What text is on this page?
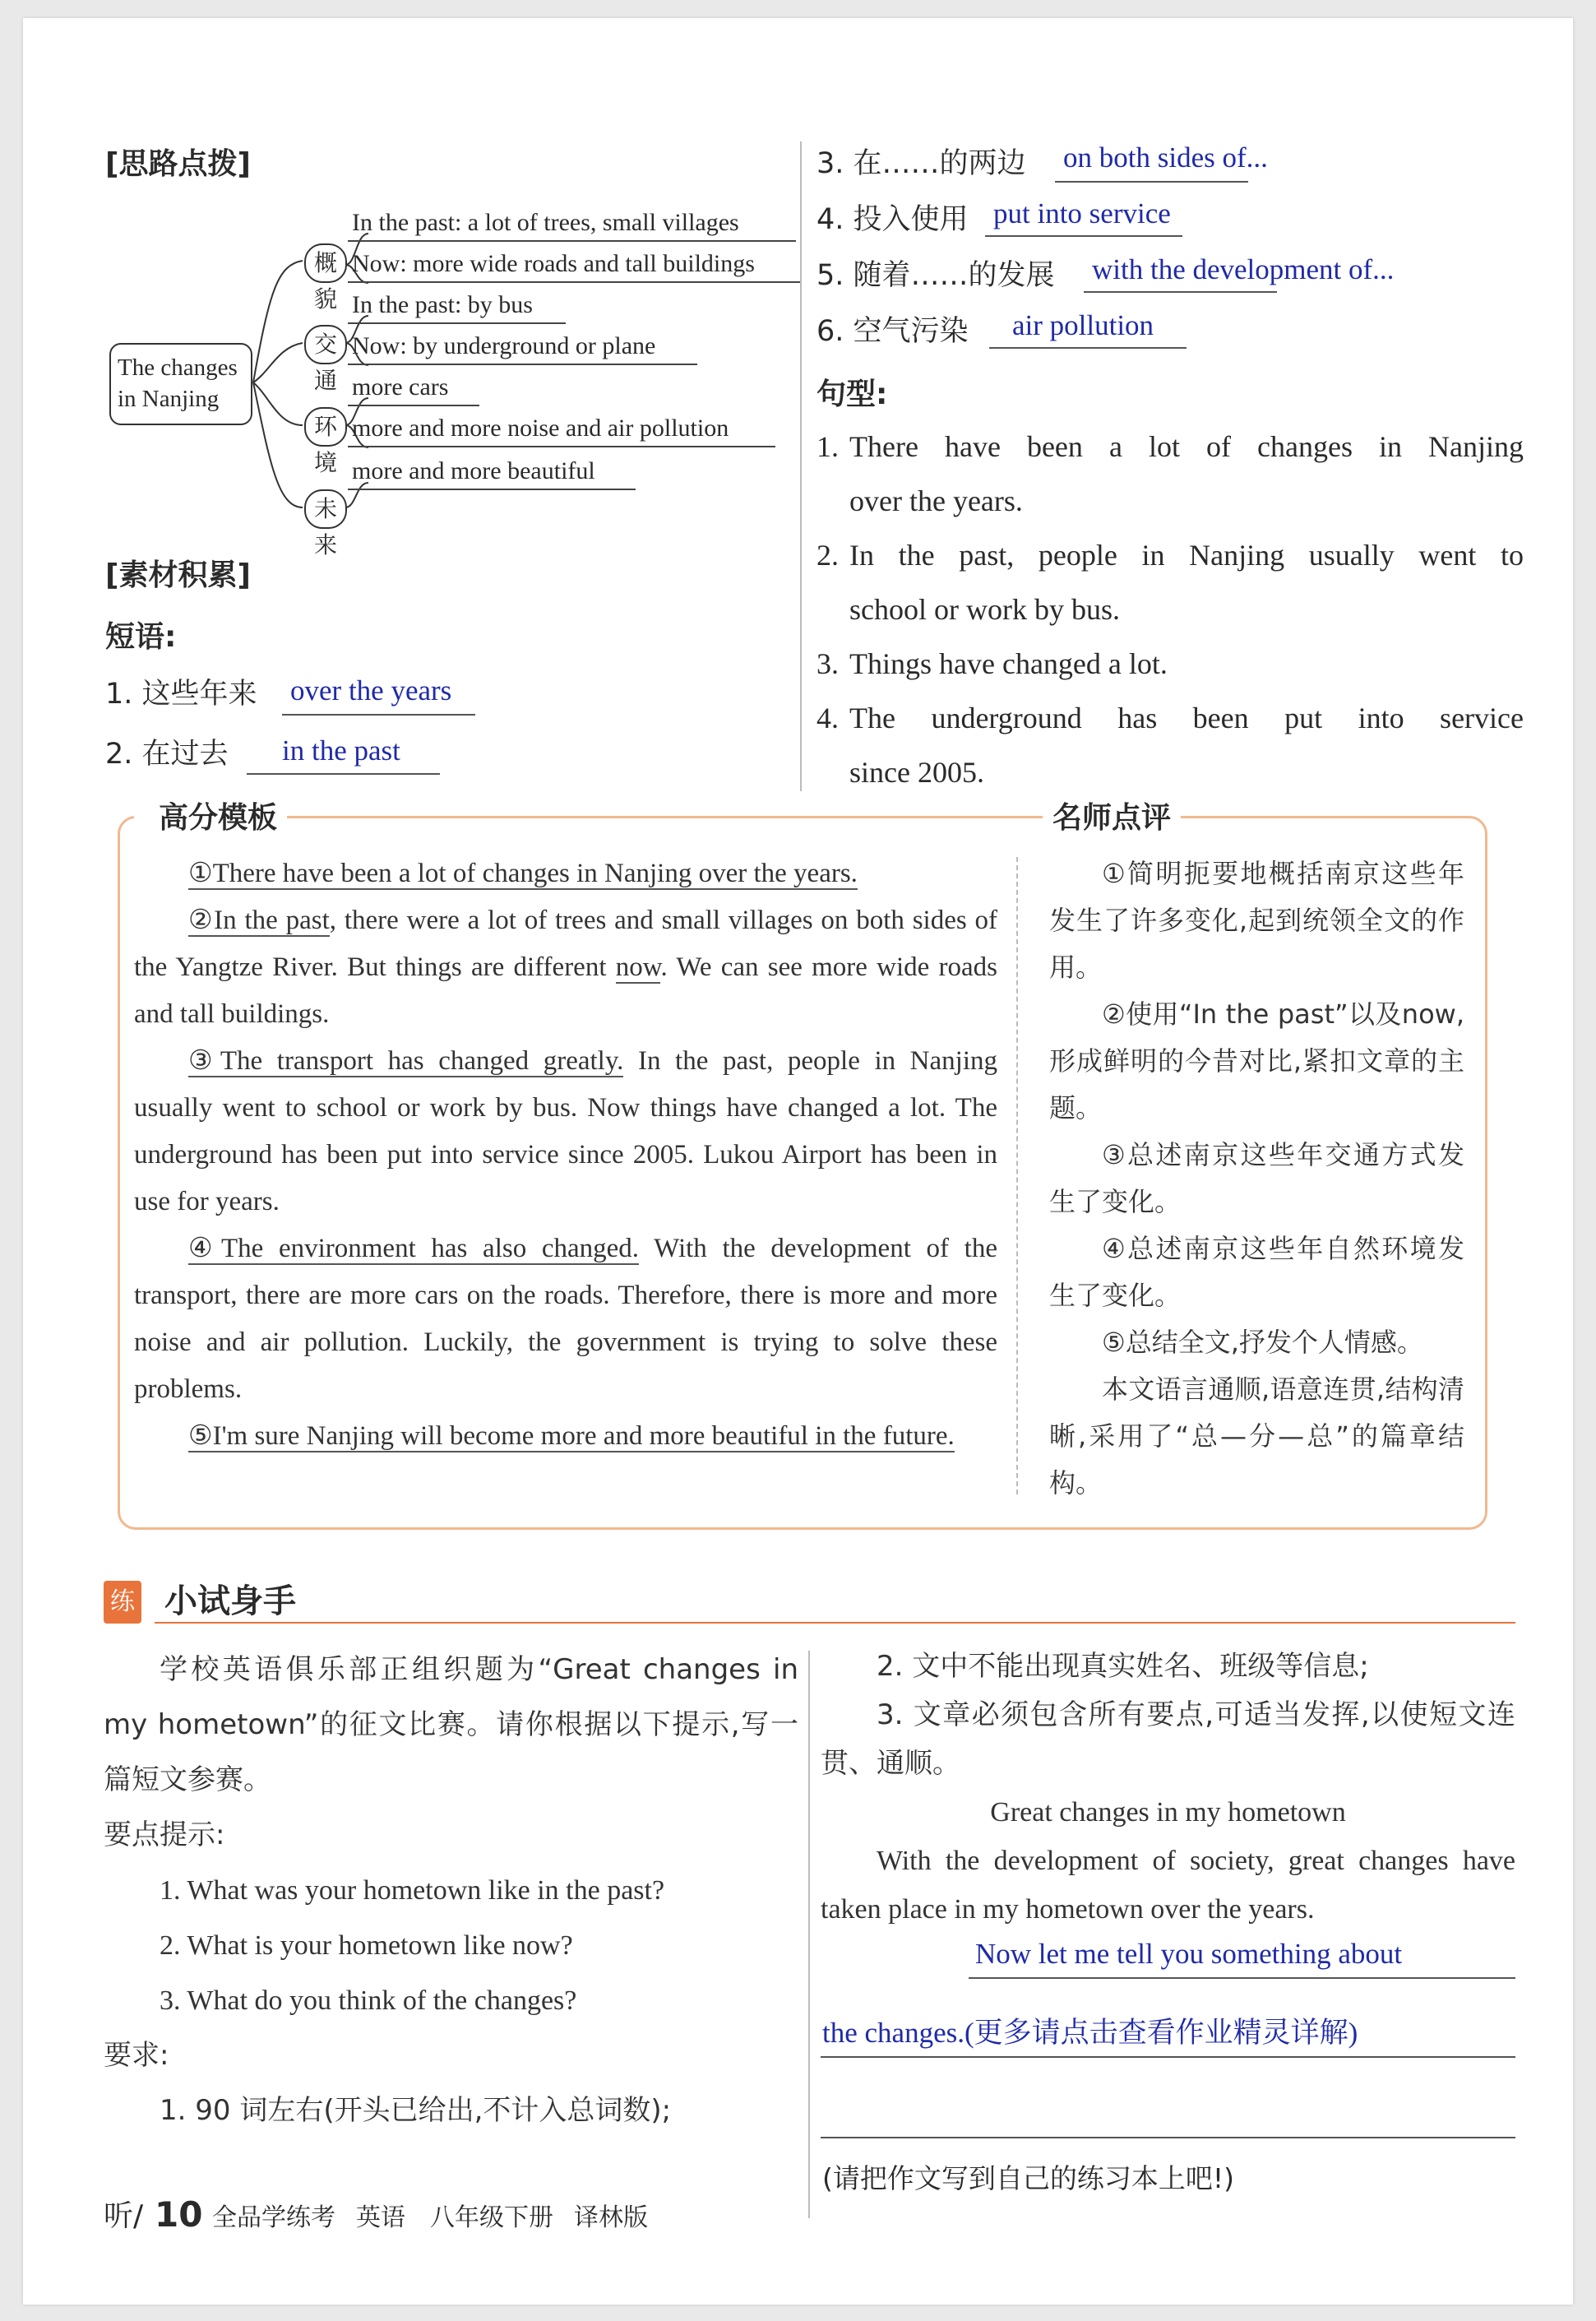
[思路点拨]
The changes
in Nanjing
概貌
交通
环境
未来
In the past: a lot of trees, small villages
Now: more wide roads and tall buildings
In the past: by bus
Now: by underground or plane
more cars
more and more noise and air pollution
more and more beautiful
[素材积累]
短语:
1. 这些年来 over the years
2. 在过去 in the past
3. 在……的两边 on both sides of...
4. 投入使用 put into service
5. 随着……的发展 with the development of...
6. 空气污染 air pollution
句型:
1. There have been a lot of changes in Nanjing
over the years.
2. In the past, people in Nanjing usually went to
school or work by bus.
3. Things have changed a lot.
4. The underground has been put into service
since 2005.
高分模板	名师点评
①There have been a lot of changes in Nanjing over the years.
②In the past, there were a lot of trees and small villages on both sides of the Yangtze River. But things are different now. We can see more wide roads and tall buildings.
③The transport has changed greatly. In the past, people in Nanjing usually went to school or work by bus. Now things have changed a lot. The underground has been put into service since 2005. Lukou Airport has been in use for years.
④The environment has also changed. With the development of the transport, there are more cars on the roads. Therefore, there is more and more noise and air pollution. Luckily, the government is trying to solve these problems.
⑤I'm sure Nanjing will become more and more beautiful in the future.
①简明扼要地概括南京这些年发生了许多变化,起到统领全文的作用。
②使用“In the past”以及now,形成鲜明的今昔对比,紧扣文章的主题。
③总述南京这些年交通方式发生了变化。
④总述南京这些年自然环境发生了变化。
⑤总结全文,抒发个人情感。
本文语言通顺,语意连贯,结构清晰,采用了“总—分—总”的篇章结构。
练 小试身手
学校英语俱乐部正组织题为“Great changes in my hometown”的征文比赛。请你根据以下提示,写一篇短文参赛。
要点提示:
1. What was your hometown like in the past?
2. What is your hometown like now?
3. What do you think of the changes?
要求:
1. 90 词左右(开头已给出,不计入总词数);
2. 文中不能出现真实姓名、班级等信息;
3. 文章必须包含所有要点,可适当发挥,以使短文连贯、通顺。
Great changes in my hometown
With the development of society, great changes have taken place in my hometown over the years.
Now let me tell you something about
the changes.(更多请点击查看作业精灵详解)
(请把作文写到自己的练习本上吧!)
听/ 10 全品学练考 英语 八年级下册 译林版
